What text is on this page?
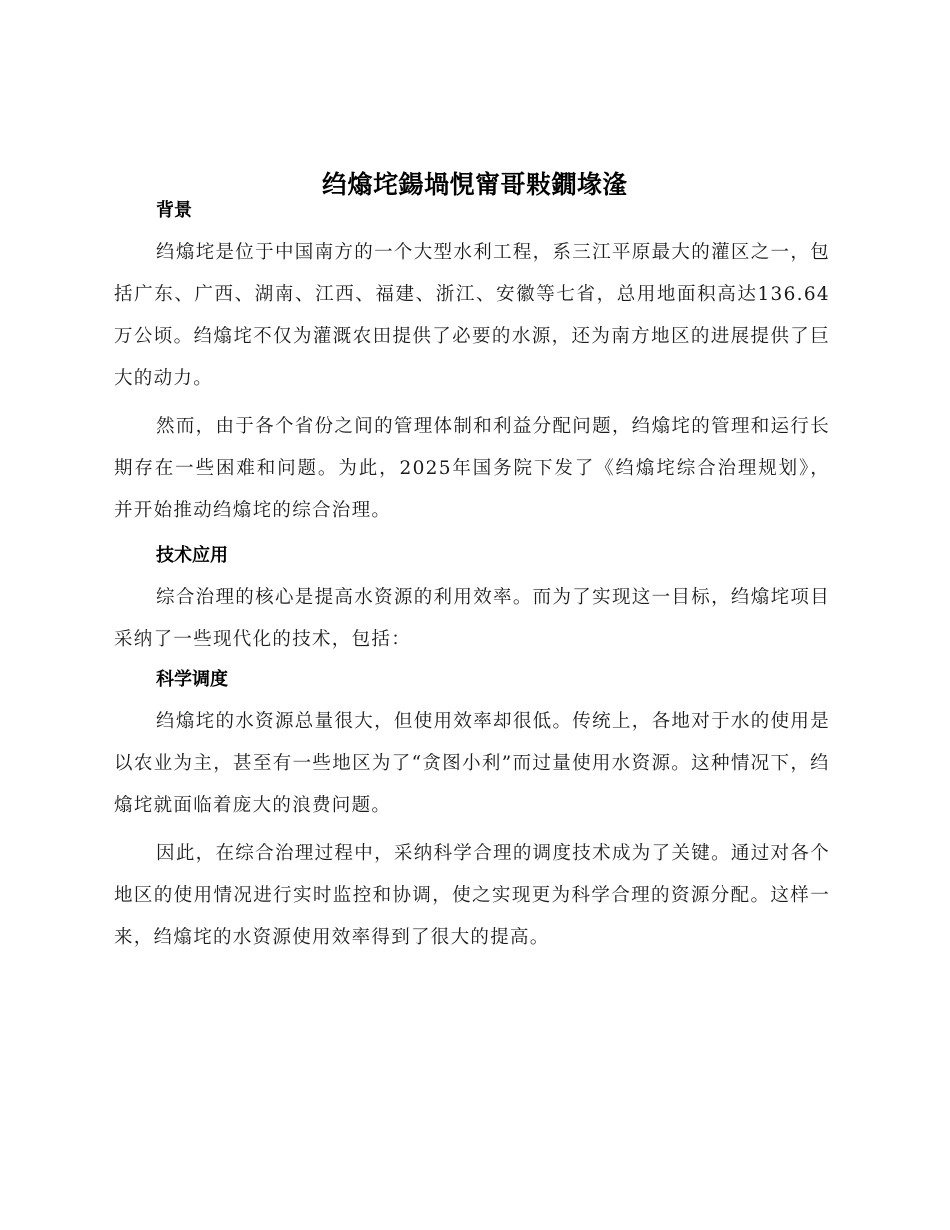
绉熻垞鍚堝悓甯哥敤鐗堟湰
背景

绉熻垞是位于中国南方的一个大型水利工程，系三江平原最大的灌区之一，包括广东、广西、湖南、江西、福建、浙江、安徽等七省，总用地面积高达136.64万公顷。绉熻垞不仅为灌溉农田提供了必要的水源，还为南方地区的进展提供了巨大的动力。

然而，由于各个省份之间的管理体制和利益分配问题，绉熻垞的管理和运行长期存在一些困难和问题。为此，2025年国务院下发了《绉熻垞综合治理规划》，并开始推动绉熻垞的综合治理。

技术应用

综合治理的核心是提高水资源的利用效率。而为了实现这一目标，绉熻垞项目采纳了一些现代化的技术，包括：

科学调度

绉熻垞的水资源总量很大，但使用效率却很低。传统上，各地对于水的使用是以农业为主，甚至有一些地区为了“贪图小利”而过量使用水资源。这种情况下，绉熻垞就面临着庞大的浪费问题。

因此，在综合治理过程中，采纳科学合理的调度技术成为了关键。通过对各个地区的使用情况进行实时监控和协调，使之实现更为科学合理的资源分配。这样一来，绉熻垞的水资源使用效率得到了很大的提高。
